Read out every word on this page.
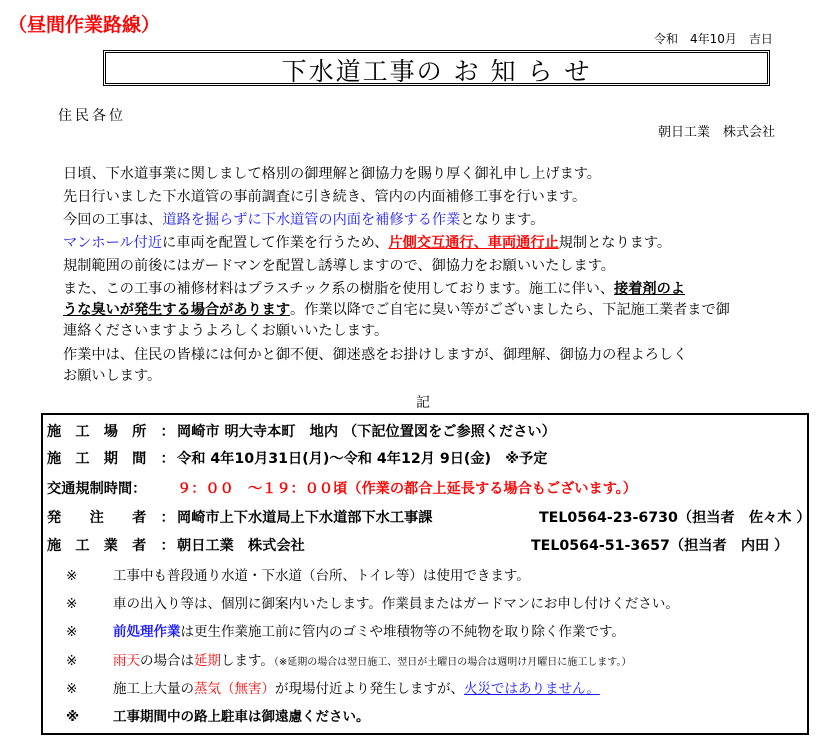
（昼間作業路線）
令和　4年10月　吉日
下水道工事の お 知 ら せ
住民各位
朝日工業　株式会社
日頃、下水道事業に関しまして格別の御理解と御協力を賜り厚く御礼申し上げます。
先日行いました下水道管の事前調査に引き続き、管内の内面補修工事を行います。
今回の工事は、道路を掘らずに下水道管の内面を補修する作業となります。
マンホール付近に車両を配置して作業を行うため、片側交互通行、車両通行止規制となります。
規制範囲の前後にはガードマンを配置し誘導しますので、御協力をお願いいたします。
また、この工事の補修材料はプラスチック系の樹脂を使用しております。施工に伴い、接着剤のよ
うな臭いが発生する場合があります。作業以降でご自宅に臭い等がございましたら、下記施工業者まで御
連絡くださいますようよろしくお願いいたします。
作業中は、住民の皆様には何かと御不便、御迷惑をお掛けしますが、御理解、御協力の程よろしく
お願いします。
記
施　工　場　所　： 岡崎市 明大寺本町　地内 （下記位置図をご参照ください）
施　工　期　間　： 令和 4年10月31日(月)～令和 4年12月 9日(金)　※予定
交通規制時間： ９：００　～１９：００頃（作業の都合上延長する場合もございます。）
発　　注　　者　： 岡崎市上下水道局上下水道部下水工事課	TEL0564-23-6730（担当者　佐々木 ）
施　工　業　者　： 朝日工業　株式会社	TEL0564-51-3657（担当者　内田 ）
※	工事中も普段通り水道・下水道（台所、トイレ等）は使用できます。
※	車の出入り等は、個別に御案内いたします。作業員またはガードマンにお申し付けください。
※	前処理作業は更生作業施工前に管内のゴミや堆積物等の不純物を取り除く作業です。
※	雨天の場合は延期します。（※延期の場合は翌日施工、翌日が土曜日の場合は週明け月曜日に施工します。）
※	施工上大量の蒸気（無害）が現場付近より発生しますが、火災ではありません。
※	工事期間中の路上駐車は御遠慮ください。
